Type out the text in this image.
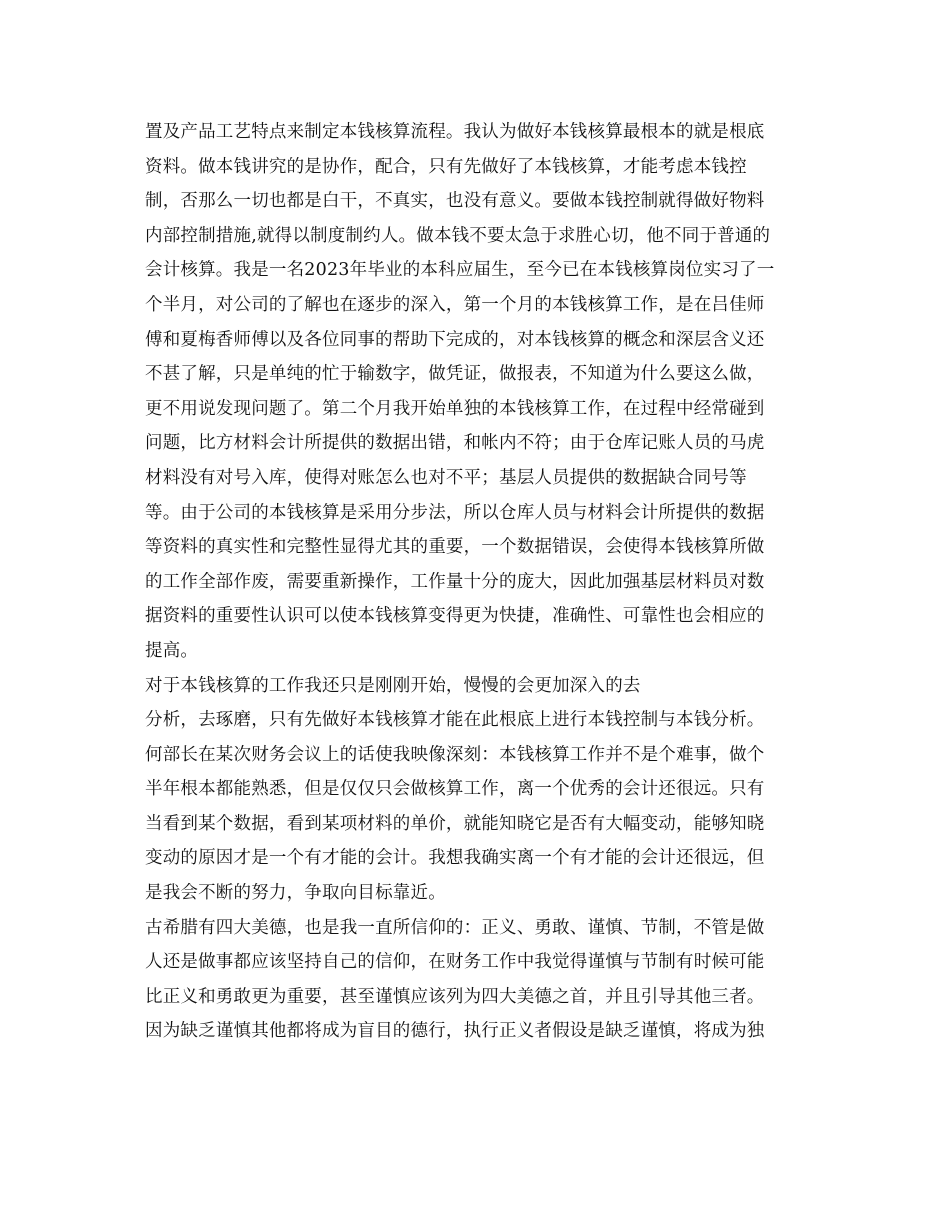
置及产品工艺特点来制定本钱核算流程。我认为做好本钱核算最根本的就是根底
资料。做本钱讲究的是协作，配合，只有先做好了本钱核算，才能考虑本钱控
制，否那么一切也都是白干，不真实，也没有意义。要做本钱控制就得做好物料
内部控制措施,就得以制度制约人。做本钱不要太急于求胜心切，他不同于普通的
会计核算。我是一名2023年毕业的本科应届生，至今已在本钱核算岗位实习了一
个半月，对公司的了解也在逐步的深入，第一个月的本钱核算工作，是在吕佳师
傅和夏梅香师傅以及各位同事的帮助下完成的，对本钱核算的概念和深层含义还
不甚了解，只是单纯的忙于输数字，做凭证，做报表，不知道为什么要这么做，
更不用说发现问题了。第二个月我开始单独的本钱核算工作，在过程中经常碰到
问题，比方材料会计所提供的数据出错，和帐内不符；由于仓库记账人员的马虎
材料没有对号入库，使得对账怎么也对不平；基层人员提供的数据缺合同号等
等。由于公司的本钱核算是采用分步法，所以仓库人员与材料会计所提供的数据
等资料的真实性和完整性显得尤其的重要，一个数据错误，会使得本钱核算所做
的工作全部作废，需要重新操作，工作量十分的庞大，因此加强基层材料员对数
据资料的重要性认识可以使本钱核算变得更为快捷，准确性、可靠性也会相应的
提高。
对于本钱核算的工作我还只是刚刚开始，慢慢的会更加深入的去
分析，去琢磨，只有先做好本钱核算才能在此根底上进行本钱控制与本钱分析。
何部长在某次财务会议上的话使我映像深刻：本钱核算工作并不是个难事，做个
半年根本都能熟悉，但是仅仅只会做核算工作，离一个优秀的会计还很远。只有
当看到某个数据，看到某项材料的单价，就能知晓它是否有大幅变动，能够知晓
变动的原因才是一个有才能的会计。我想我确实离一个有才能的会计还很远，但
是我会不断的努力，争取向目标靠近。
古希腊有四大美德，也是我一直所信仰的：正义、勇敢、谨慎、节制，不管是做
人还是做事都应该坚持自己的信仰，在财务工作中我觉得谨慎与节制有时候可能
比正义和勇敢更为重要，甚至谨慎应该列为四大美德之首，并且引导其他三者。
因为缺乏谨慎其他都将成为盲目的德行，执行正义者假设是缺乏谨慎，将成为独
